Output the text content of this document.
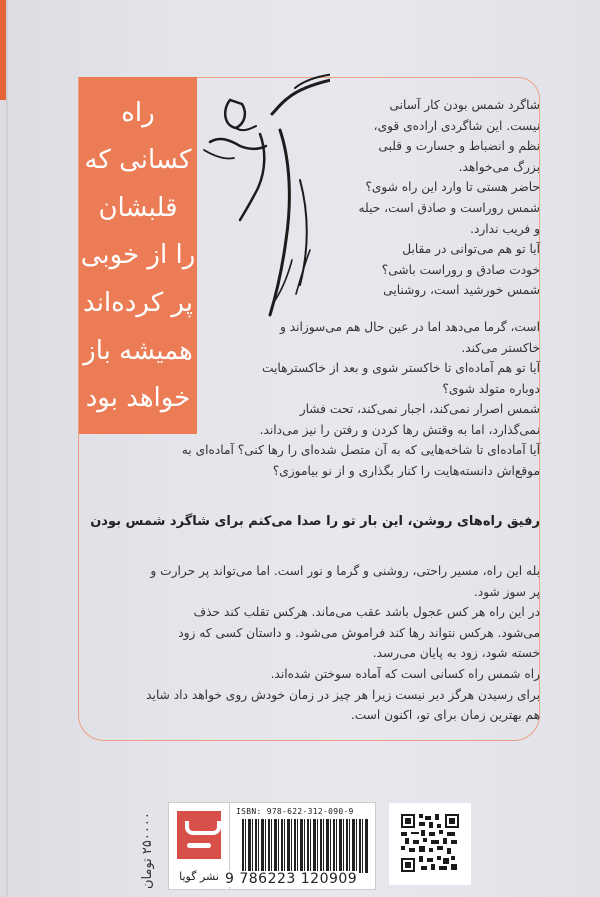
راه
کسانی که
قلبشان
را از خوبی
پر کرده‌اند
همیشه باز
خواهد بود
شاگرد شمس بودن کار آسانی
نیست. این شاگردی اراده‌ی قوی،
نظم و انضباط و جسارت و قلبی
بزرگ می‌خواهد.
حاضر هستی تا وارد این راه شوی؟
شمس روراست و صادق است، حیله
و فریب ندارد.
آیا تو هم می‌توانی در مقابل
خودت صادق و روراست باشی؟
شمس خورشید است، روشنایی
است، گرما می‌دهد اما در عین حال هم می‌سوزاند و
خاکستر می‌کند.
آیا تو هم آماده‌ای تا خاکستر شوی و بعد از خاکسترهایت
دوباره متولد شوی؟
شمس اصرار نمی‌کند، اجبار نمی‌کند، تحت فشار
نمی‌گذارد، اما به وقتش رها کردن و رفتن را نیز می‌داند.
آیا آماده‌ای تا شاخه‌هایی که به آن متصل شده‌ای را رها کنی؟ آماده‌ای به
موقع‌اش دانسته‌هایت را کنار بگذاری و از نو بیاموزی؟
رفیق راه‌های روشن، این بار تو را صدا می‌کنم برای شاگرد شمس بودن
بله این راه، مسیر راحتی، روشنی و گرما و نور است. اما می‌تواند پر حرارت و
پر سوز شود.
در این راه هر کس عجول باشد عقب می‌ماند. هرکس تقلب کند حذف
می‌شود. هرکس نتواند رها کند فراموش می‌شود. و داستان کسی که زود
خسته شود، زود به پایان می‌رسد.
راه شمس راه کسانی است که آماده سوختن شده‌اند.
برای رسیدن هرگز دیر نیست زیرا هر چیز در زمان خودش روی خواهد داد شاید
هم بهترین زمان برای تو، اکنون است.
۲۵۰۰۰۰ تومان
نشر گویا
ISBN: 978-622-312-090-9
9 786223 120909
